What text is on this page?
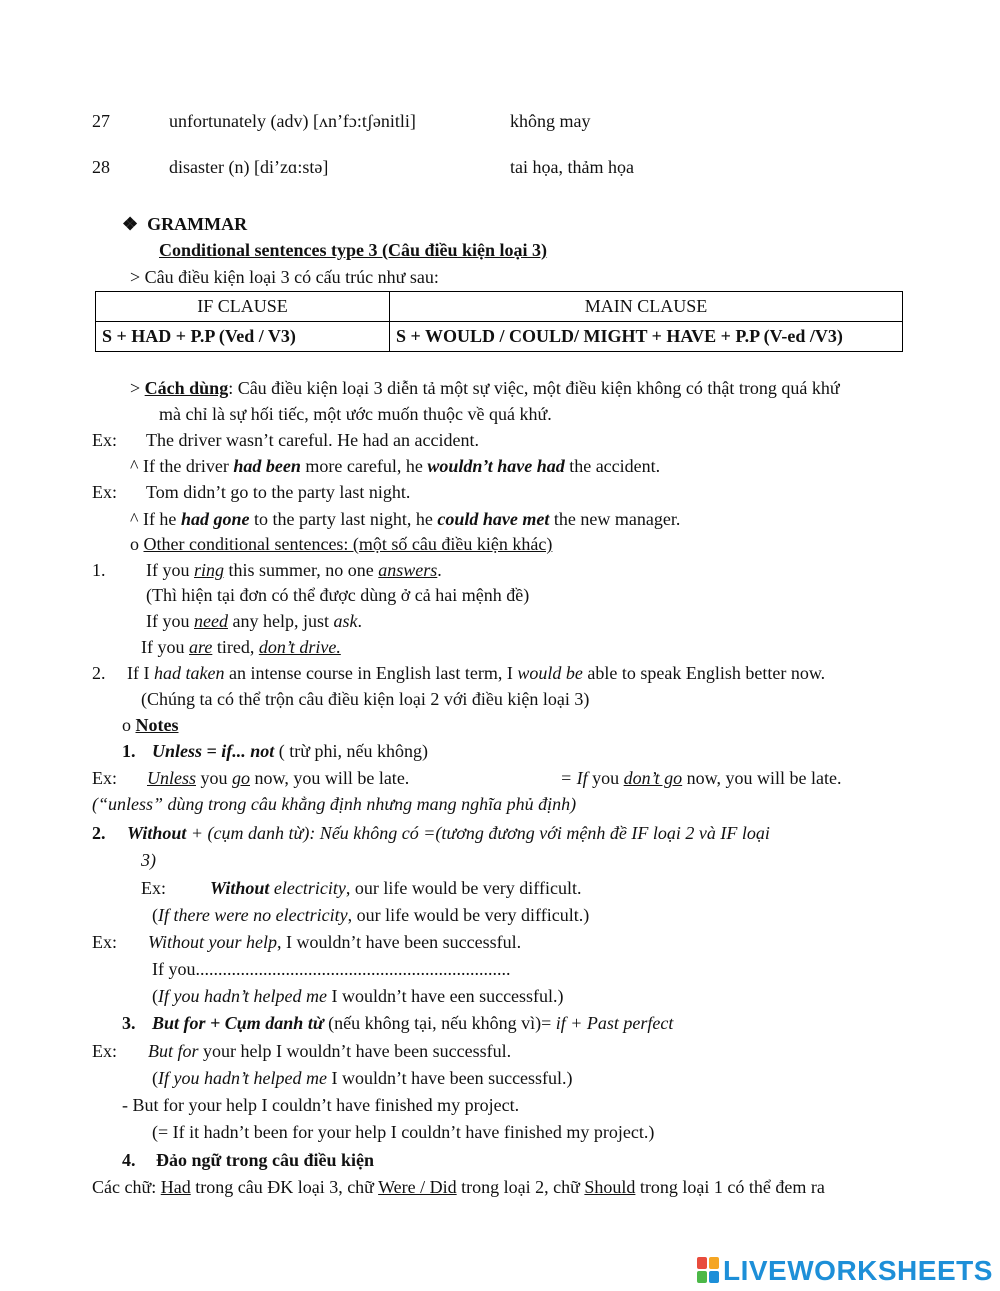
27	unfortunately (adv) [ʌn’fɔ:tʃənitli]	không may
28	disaster (n) [di’zɑ:stə]	tai họa, thảm họa
❖ GRAMMAR
Conditional sentences type 3 (Câu điều kiện loại 3)
> Câu điều kiện loại 3 có cấu trúc như sau:
IF CLAUSE	MAIN CLAUSE
S + HAD + P.P (Ved / V3)	S + WOULD / COULD/ MIGHT + HAVE + P.P (V-ed /V3)
> Cách dùng: Câu điều kiện loại 3 diễn tả một sự việc, một điều kiện không có thật trong quá khứ
mà chỉ là sự hối tiếc, một ước muốn thuộc về quá khứ.
Ex: The driver wasn’t careful. He had an accident.
^ If the driver had been more careful, he wouldn’t have had the accident.
Ex: Tom didn’t go to the party last night.
^ If he had gone to the party last night, he could have met the new manager.
o Other conditional sentences: (một số câu điều kiện khác)
1. If you ring this summer, no one answers.
(Thì hiện tại đơn có thể được dùng ở cả hai mệnh đề)
If you need any help, just ask.
If you are tired, don’t drive.
2. If I had taken an intense course in English last term, I would be able to speak English better now.
(Chúng ta có thể trộn câu điều kiện loại 2 với điều kiện loại 3)
o Notes
1. Unless = if... not ( trừ phi, nếu không)
Ex: Unless you go now, you will be late.	= If you don’t go now, you will be late.
(“unless” dùng trong câu khẳng định nhưng mang nghĩa phủ định)
2. Without + (cụm danh từ): Nếu không có =(tương đương với mệnh đề IF loại 2 và IF loại
3)
Ex: Without electricity, our life would be very difficult.
(If there were no electricity, our life would be very difficult.)
Ex: Without your help, I wouldn’t have been successful.
If you......................................................................
(If you hadn’t helped me I wouldn’t have een successful.)
3. But for + Cụm danh từ (nếu không tại, nếu không vì)= if + Past perfect
Ex: But for your help I wouldn’t have been successful.
(If you hadn’t helped me I wouldn’t have been successful.)
- But for your help I couldn’t have finished my project.
(= If it hadn’t been for your help I couldn’t have finished my project.)
4. Đảo ngữ trong câu điều kiện
Các chữ: Had trong câu ĐK loại 3, chữ Were / Did trong loại 2, chữ Should trong loại 1 có thể đem ra
LIVEWORKSHEETS
